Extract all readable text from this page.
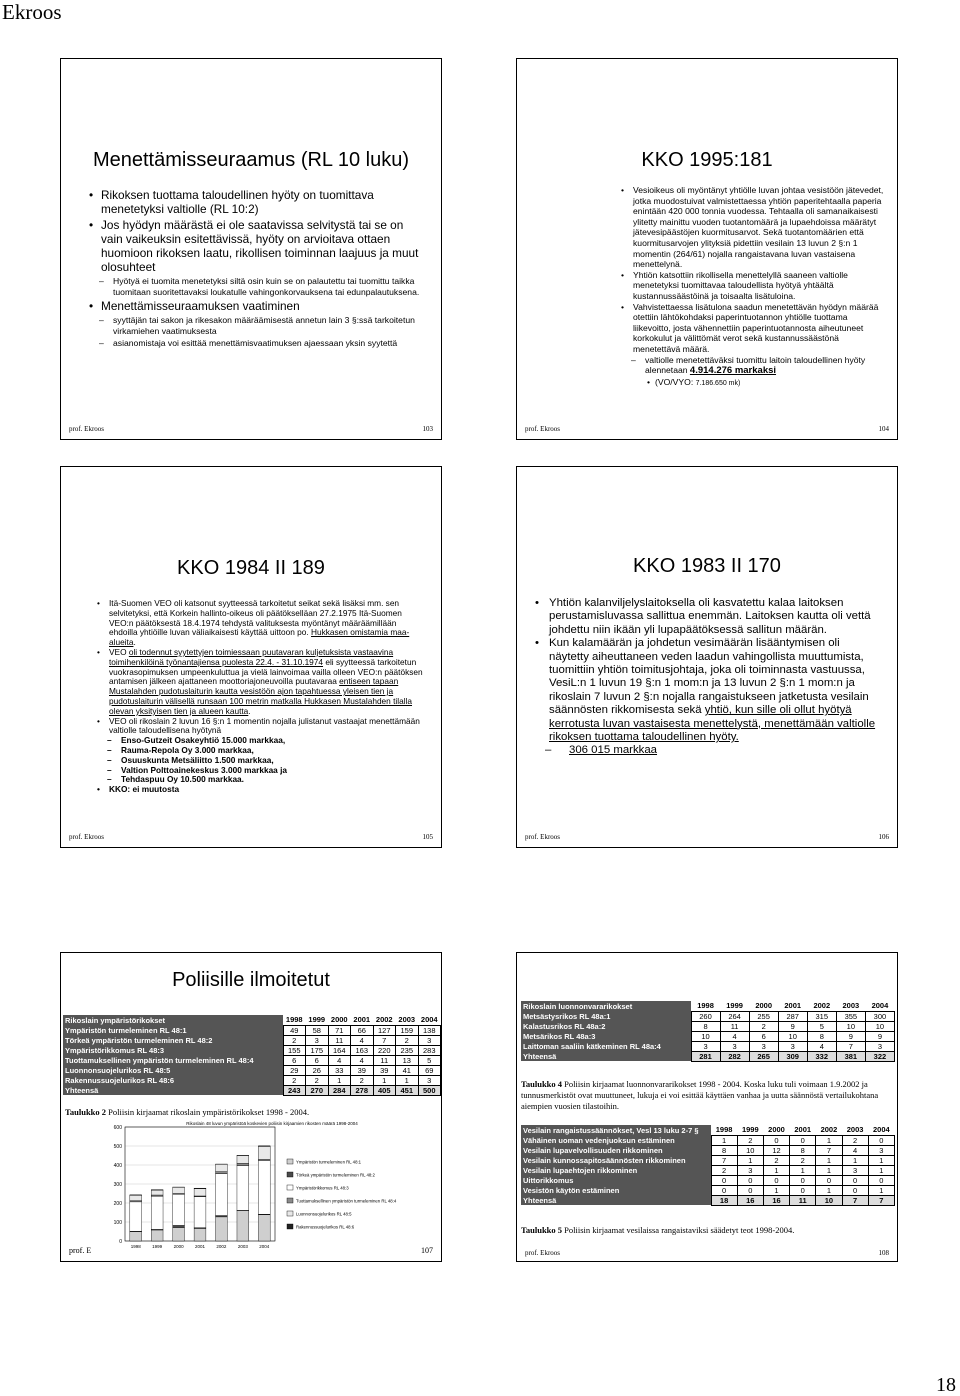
Ekroos
Menettämisseuraamus (RL 10 luku)
• Rikoksen tuottama taloudellinen hyöty on tuomittava menetetyksi valtiolle (RL 10:2)
• Jos hyödyn määrästä ei ole saatavissa selvitystä tai se on vain vaikeuksin esitettävissä, hyöty on arvioitava ottaen huomioon rikoksen laatu, rikollisen toiminnan laajuus ja muut olosuhteet
– Hyötyä ei tuomita menetetyksi siltä osin kuin se on palautettu tai tuomittu taikka tuomitaan suoritettavaksi loukatulle vahingonkorvauksena tai edunpalautuksena.
• Menettämisseuraamuksen vaatiminen
– syyttäjän tai sakon ja rikesakon määräämisestä annetun lain 3 §:ssä tarkoitetun virkamiehen vaatimuksesta
– asianomistaja voi esittää menettämisvaatimuksen ajaessaan yksin syytettä
prof. Ekroos	103
KKO 1995:181
• Vesioikeus oli myöntänyt yhtiölle luvan johtaa vesistöön jätevedet, jotka muodostuivat valmistettaessa yhtiön paperitehtaalla paperia enintään 420 000 tonnia vuodessa. Tehtaalla oli samanaikaisesti ylitetty mainittu vuoden tuotantomäärä ja lupaehdoissa määrätyt jätevesipäästöjen kuormitusarvot. Sekä tuotantomäärien että kuormitusarvojen ylityksiä pidettiin vesilain 13 luvun 2 §:n 1 momentin (264/61) nojalla rangaistavana luvan vastaisena menettelynä.
• Yhtiön katsottiin rikollisella menettelyllä saaneen valtiolle menetetyksi tuomittavaa taloudellista hyötyä yhtäältä kustannussäästöinä ja toisaalta lisätuloina.
• Vahvistettaessa lisätulona saadun menetettävän hyödyn määrää otettiin lähtökohdaksi paperintuotannon yhtiölle tuottama liikevoitto, josta vähennettiin paperintuotannosta aiheutuneet korkokulut ja välittömät verot sekä kustannussäästönä menetettävä määrä.
– valtiolle menetettäväksi tuomittu laitoin taloudellinen hyöty alennetaan 4.914.276 markaksi
• (VO/VYO: 7.186.650 mk)
prof. Ekroos	104
KKO 1984 II 189
• Itä-Suomen VEO oli katsonut syytteessä tarkoitetut seikat sekä lisäksi mm. sen selvitetyksi, että Korkein hallinto-oikeus oli päätökselläan 27.2.1975 Itä-Suomen VEO:n päätöksestä 18.4.1974 tehdystä valituksesta myöntänyt määräämillään ehdoilla yhtiöille luvan väliaikaisesti käyttää uittoon po. Hukkasen omistamia maa-alueita.
• VEO oli todennut syytettyjen toimiessaan puutavaran kuljetuksista vastaavina toimihenkilöinä työnantajiensa puolesta 22.4. - 31.10.1974 eli syytteessä tarkoitetun vuokrasopimuksen umpeenkuluttua ja vielä lainvoimaa vailla olleen VEO:n päätöksen antamisen jälkeen ajattaneen moottoriajoneuvoilla puutavaraa entiseen tapaan Mustalahden pudotuslaiturin kautta vesistöön ajon tapahtuessa yleisen tien ja pudotuslaiturin välisellä runsaan 100 metrin matkalla Hukkasen Mustalahden tilalla olevan yksityisen tien ja alueen kautta.
• VEO oli rikoslain 2 luvun 16 §:n 1 momentin nojalla julistanut vastaajat menettämään valtiolle taloudellisena hyötynä
– Enso-Gutzeit Osakeyhtiö 15.000 markkaa,
– Rauma-Repola Oy 3.000 markkaa,
– Osuuskunta Metsäliitto 1.500 markkaa,
– Valtion Polttoainekeskus 3.000 markkaa ja
– Tehdaspuu Oy 10.500 markkaa.
• KKO: ei muutosta
prof. Ekroos	105
KKO 1983 II 170
• Yhtiön kalanviljelyslaitoksella oli kasvatettu kalaa laitoksen perustamisluvassa sallittua enemmän. Laitoksen kautta oli vettä johdettu niin ikään yli lupapäätöksessä sallitun määrän.
• Kun kalamäärän ja johdetun vesimäärän lisääntymisen oli näytetty aiheuttaneen veden laadun vahingollista muuttumista, tuomittiin yhtiön toimitusjohtaja, joka oli toiminnasta vastuussa, VesiL:n 1 luvun 19 §:n 1 mom:n ja 13 luvun 2 §:n 1 mom:n ja rikoslain 7 luvun 2 §:n nojalla rangaistukseen jatketusta vesilain säännösten rikkomisesta sekä yhtiö, kun sille oli ollut hyötyä kerrotusta luvan vastaisesta menettelystä, menettämään valtiolle rikoksen tuottama taloudellinen hyöty.
– 306 015 markkaa
prof. Ekroos	106
Poliisille ilmoitetut
Rikoslain ympäristörikokset	1998	1999	2000	2001	2002	2003	2004
Ympäristön turmeleminen RL 48:1	49	58	71	66	127	159	138
Törkeä ympäristön turmeleminen RL 48:2	2	3	11	4	7	2	3
Ympäristörikkomus RL 48:3	155	175	164	163	220	235	283
Tuottamuksellinen ympäristön turmeleminen RL 48:4	6	6	4	4	11	13	5
Luonnonsuojelurikos RL 48:5	29	26	33	39	39	41	69
Rakennussuojelurikos RL 48:6	2	2	1	2	1	1	3
Yhteensä	243	270	284	278	405	451	500
Taulukko 2 Poliisin kirjaamat rikoslain ympäristörikokset 1998 - 2004.
Rikoslain 48 luvun ympäristöä koskevien poliisin kirjaamien rikosten määrä 1998-2004
0
100
200
300
400
500
600
1998	1999	2000	2001	2002	2003	2004
Ympäristön turmeleminen RL 48:1
Törkeä ympäristön turmeleminen RL 48:2
Ympäristörikkomus RL 48:3
Tuottamuksellinen ympäristön turmeleminen RL 48:4
Luonnonsuojelurikos RL 48:5
Rakennussuojelurikos RL 48:6
prof. E	107
Rikoslain luonnonvararikokset	1998	1999	2000	2001	2002	2003	2004
Metsästysrikos RL 48a:1	260	264	255	287	315	355	300
Kalastusrikos RL 48a:2	8	11	2	9	5	10	10
Metsärikos RL 48a:3	10	4	6	10	8	9	9
Laittoman saaliin kätkeminen RL 48a:4	3	3	3	3	4	7	3
Yhteensä	281	282	265	309	332	381	322
Taulukko 4 Poliisin kirjaamat luonnonvararikokset 1998 - 2004. Koska luku tuli voimaan 1.9.2002 ja tunnusmerkistöt ovat muuttuneet, lukuja ei voi esittää käyttäen vanhaa ja uutta säännöstä vertailukohtana aiempien vuosien tilastoihin.
Vesilain rangaistussäännökset, Vesl 13 luku 2-7 §	1998	1999	2000	2001	2002	2003	2004
Vähäinen uoman vedenjuoksun estäminen	1	2	0	0	1	2	0
Vesilain lupavelvollisuuden rikkominen	8	10	12	8	7	4	3
Vesilain kunnossapitosäännösten rikkominen	7	1	2	2	1	1	1
Vesilain lupaehtojen rikkominen	2	3	1	1	1	3	1
Uittorikkomus	0	0	0	0	0	0	0
Vesistön käytön estäminen	0	0	1	0	1	0	1
Yhteensä	18	16	16	11	10	7	7
Taulukko 5 Poliisin kirjaamat vesilaissa rangaistaviksi säädetyt teot 1998-2004.
prof. Ekroos	108
18
